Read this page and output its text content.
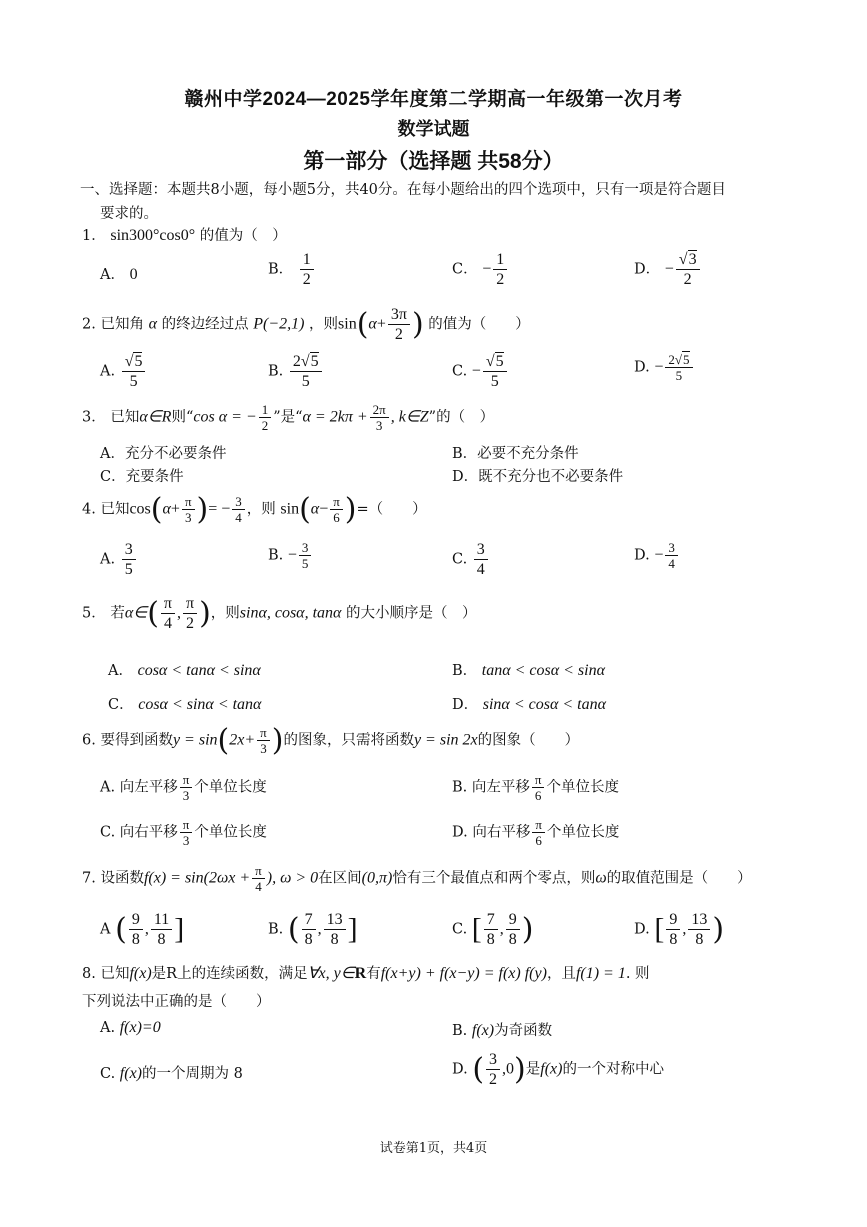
赣州中学2024—2025学年度第二学期高一年级第一次月考
数学试题
第一部分（选择题 共58分）
一、选择题：本题共8小题，每小题5分，共40分。在每小题给出的四个选项中，只有一项是符合题目
要求的。
1． sin300°cos0° 的值为（　）
A． 0	B． $\frac{1}{2}$	C． − $\frac{1}{2}$	D． − $\frac{√3}{2}$
2. 已知角 α 的终边经过点 P(−2,1) ，则$\sin(\alpha+ \frac{3\pi}{2}$ ) 的值为（　　）
A. $\frac{√5}{5}$	B. $\frac{2√5}{5}$	C. − $\frac{√5}{5}$	D. − $\frac{2√5}{5}$
3． 已知α∈R则“cos α = − $\frac{1}{2}$ ”是“$\alpha = 2k\pi + \frac{2\pi}{3}$ , k∈Z”的（　）
A．充分不必要条件	B．必要不充分条件
C．充要条件	D．既不充分也不必要条件
4. 已知$\cos(\alpha+ \frac{\pi}{3}$ )= − $\frac{3}{4}$ ，则 $\sin(\alpha- \frac{\pi}{6}$ )=（　　）
A. $\frac{3}{5}$	B. − $\frac{3}{5}$	C. $\frac{3}{4}$	D. − $\frac{3}{4}$
5． 若α∈( $\frac{\pi}{4}$ , $\frac{\pi}{2}$ )，则sinα, cosα, tanα 的大小顺序是（　）
A． cosα < tanα < sinα	B． tanα < cosα < sinα
C． cosα < sinα < tanα	D． sinα < cosα < tanα
6. 要得到函数$y = \sin(2x+ \frac{\pi}{3}$ )的图象，只需将函数y = sin 2x的图象（　　）
A. 向左平移 $\frac{\pi}{3}$ 个单位长度	B. 向左平移 $\frac{\pi}{6}$ 个单位长度
C. 向右平移 $\frac{\pi}{3}$ 个单位长度	D. 向右平移 $\frac{\pi}{6}$ 个单位长度
7. 设函数$f(x) = \sin(2\omega x + \frac{\pi}{4}$ ), ω > 0在区间(0,π)恰有三个最值点和两个零点，则ω的取值范围是（　　）
A ( $\frac{9}{8}$ , $\frac{11}{8}$ ]	B. ( $\frac{7}{8}$ , $\frac{13}{8}$ ]	C. [ $\frac{7}{8}$ , $\frac{9}{8}$ )	D. [ $\frac{9}{8}$ , $\frac{13}{8}$ )
8. 已知f(x)是R上的连续函数，满足∀x, y∈R有f(x+y) + f(x−y) = f(x) f(y)，且f(1) = 1. 则
下列说法中正确的是（　　）
A. f(x)=0	B. f(x)为奇函数
C. f(x)的一个周期为 8	D. ( $\frac{3}{2} ,0$)是f(x)的一个对称中心
试卷第1页，共4页
